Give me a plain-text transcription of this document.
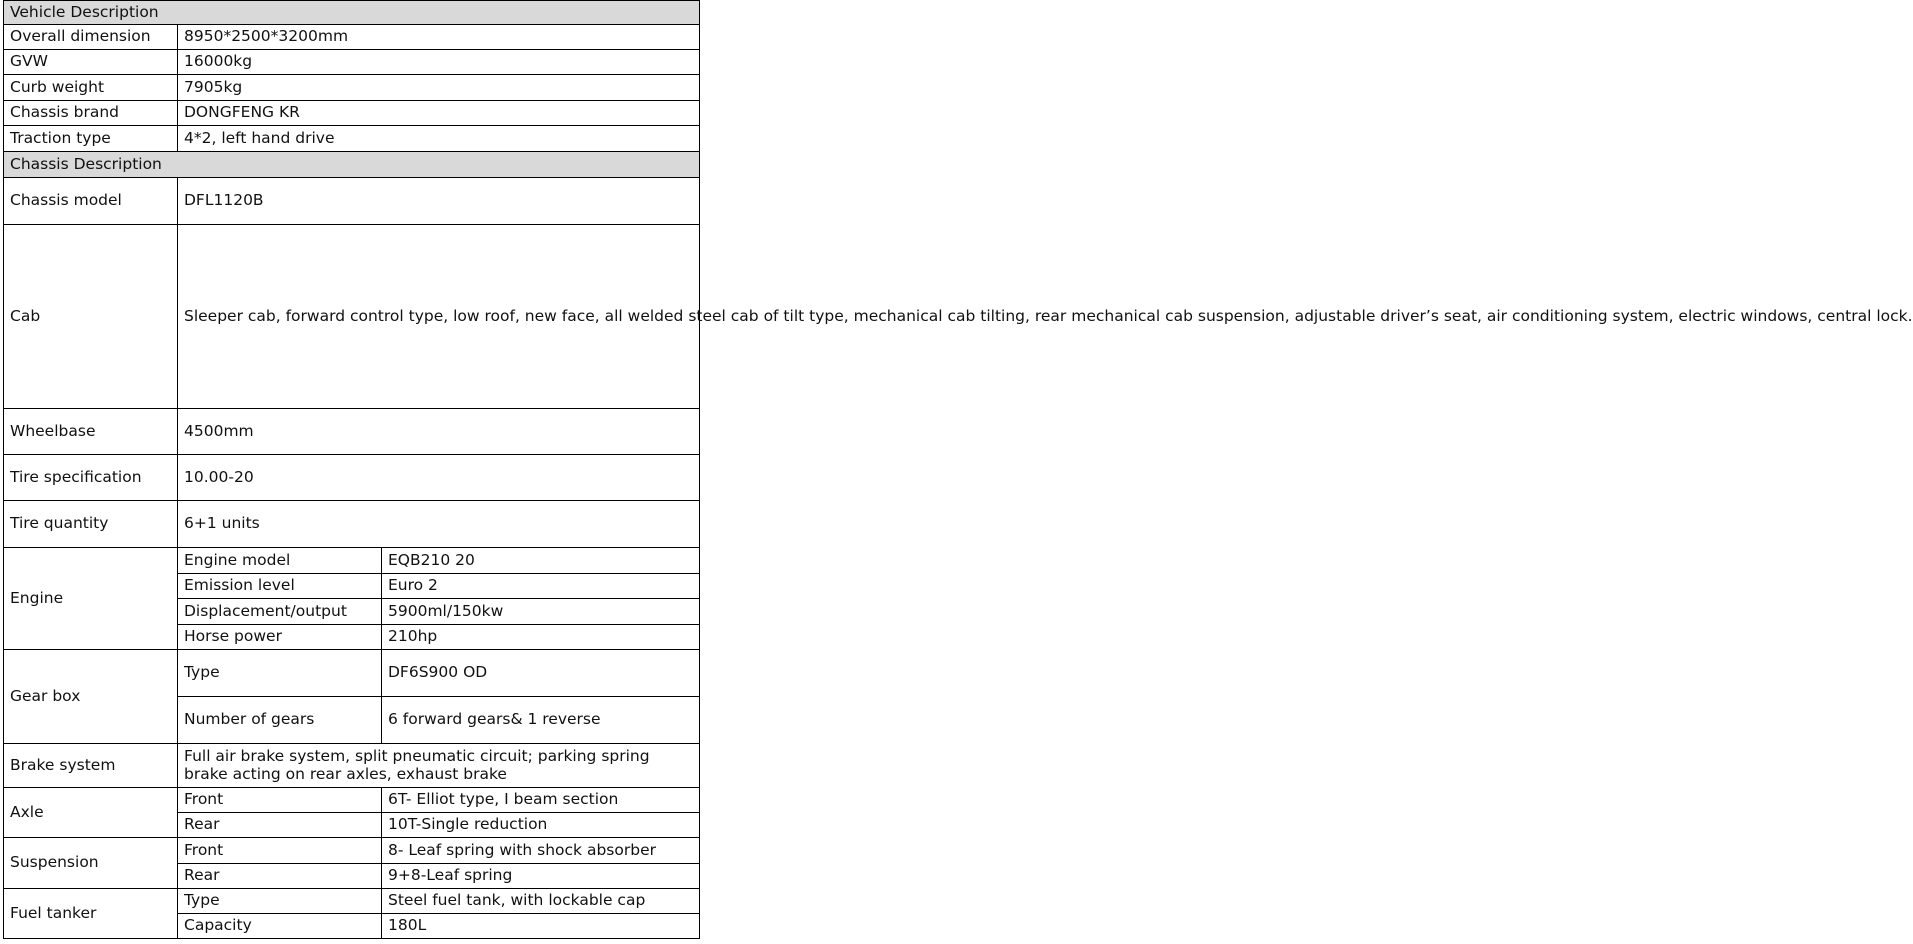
Vehicle Description		
Overall dimension	8950*2500*3200mm	
GVW	16000kg	
Curb weight	7905kg	
Chassis brand	DONGFENG KR	
Traction type	4*2, left hand drive	
Chassis Description		
Chassis model	DFL1120B	
Cab	Sleeper cab, forward control type, low roof, new face, all welded steel cab of tilt type, mechanical cab tilting, rear mechanical cab suspension, adjustable driver’s seat, air conditioning system, electric windows, central lock.	
Wheelbase	4500mm	
Tire specification	10.00-20	
Tire quantity	6+1 units	
Engine	Engine model	EQB210 20
	Emission level	Euro 2
	Displacement/output	5900ml/150kw
	Horse power	210hp
Gear box	Type	DF6S900 OD
	Number of gears	6 forward gears& 1 reverse
Brake system	Full air brake system, split pneumatic circuit; parking spring brake acting on rear axles, exhaust brake	
Axle	Front	6T- Elliot type, I beam section
	Rear	10T-Single reduction
Suspension	Front	8- Leaf spring with shock absorber
	Rear	9+8-Leaf spring
Fuel tanker	Type	Steel fuel tank, with lockable cap
	Capacity	180L
